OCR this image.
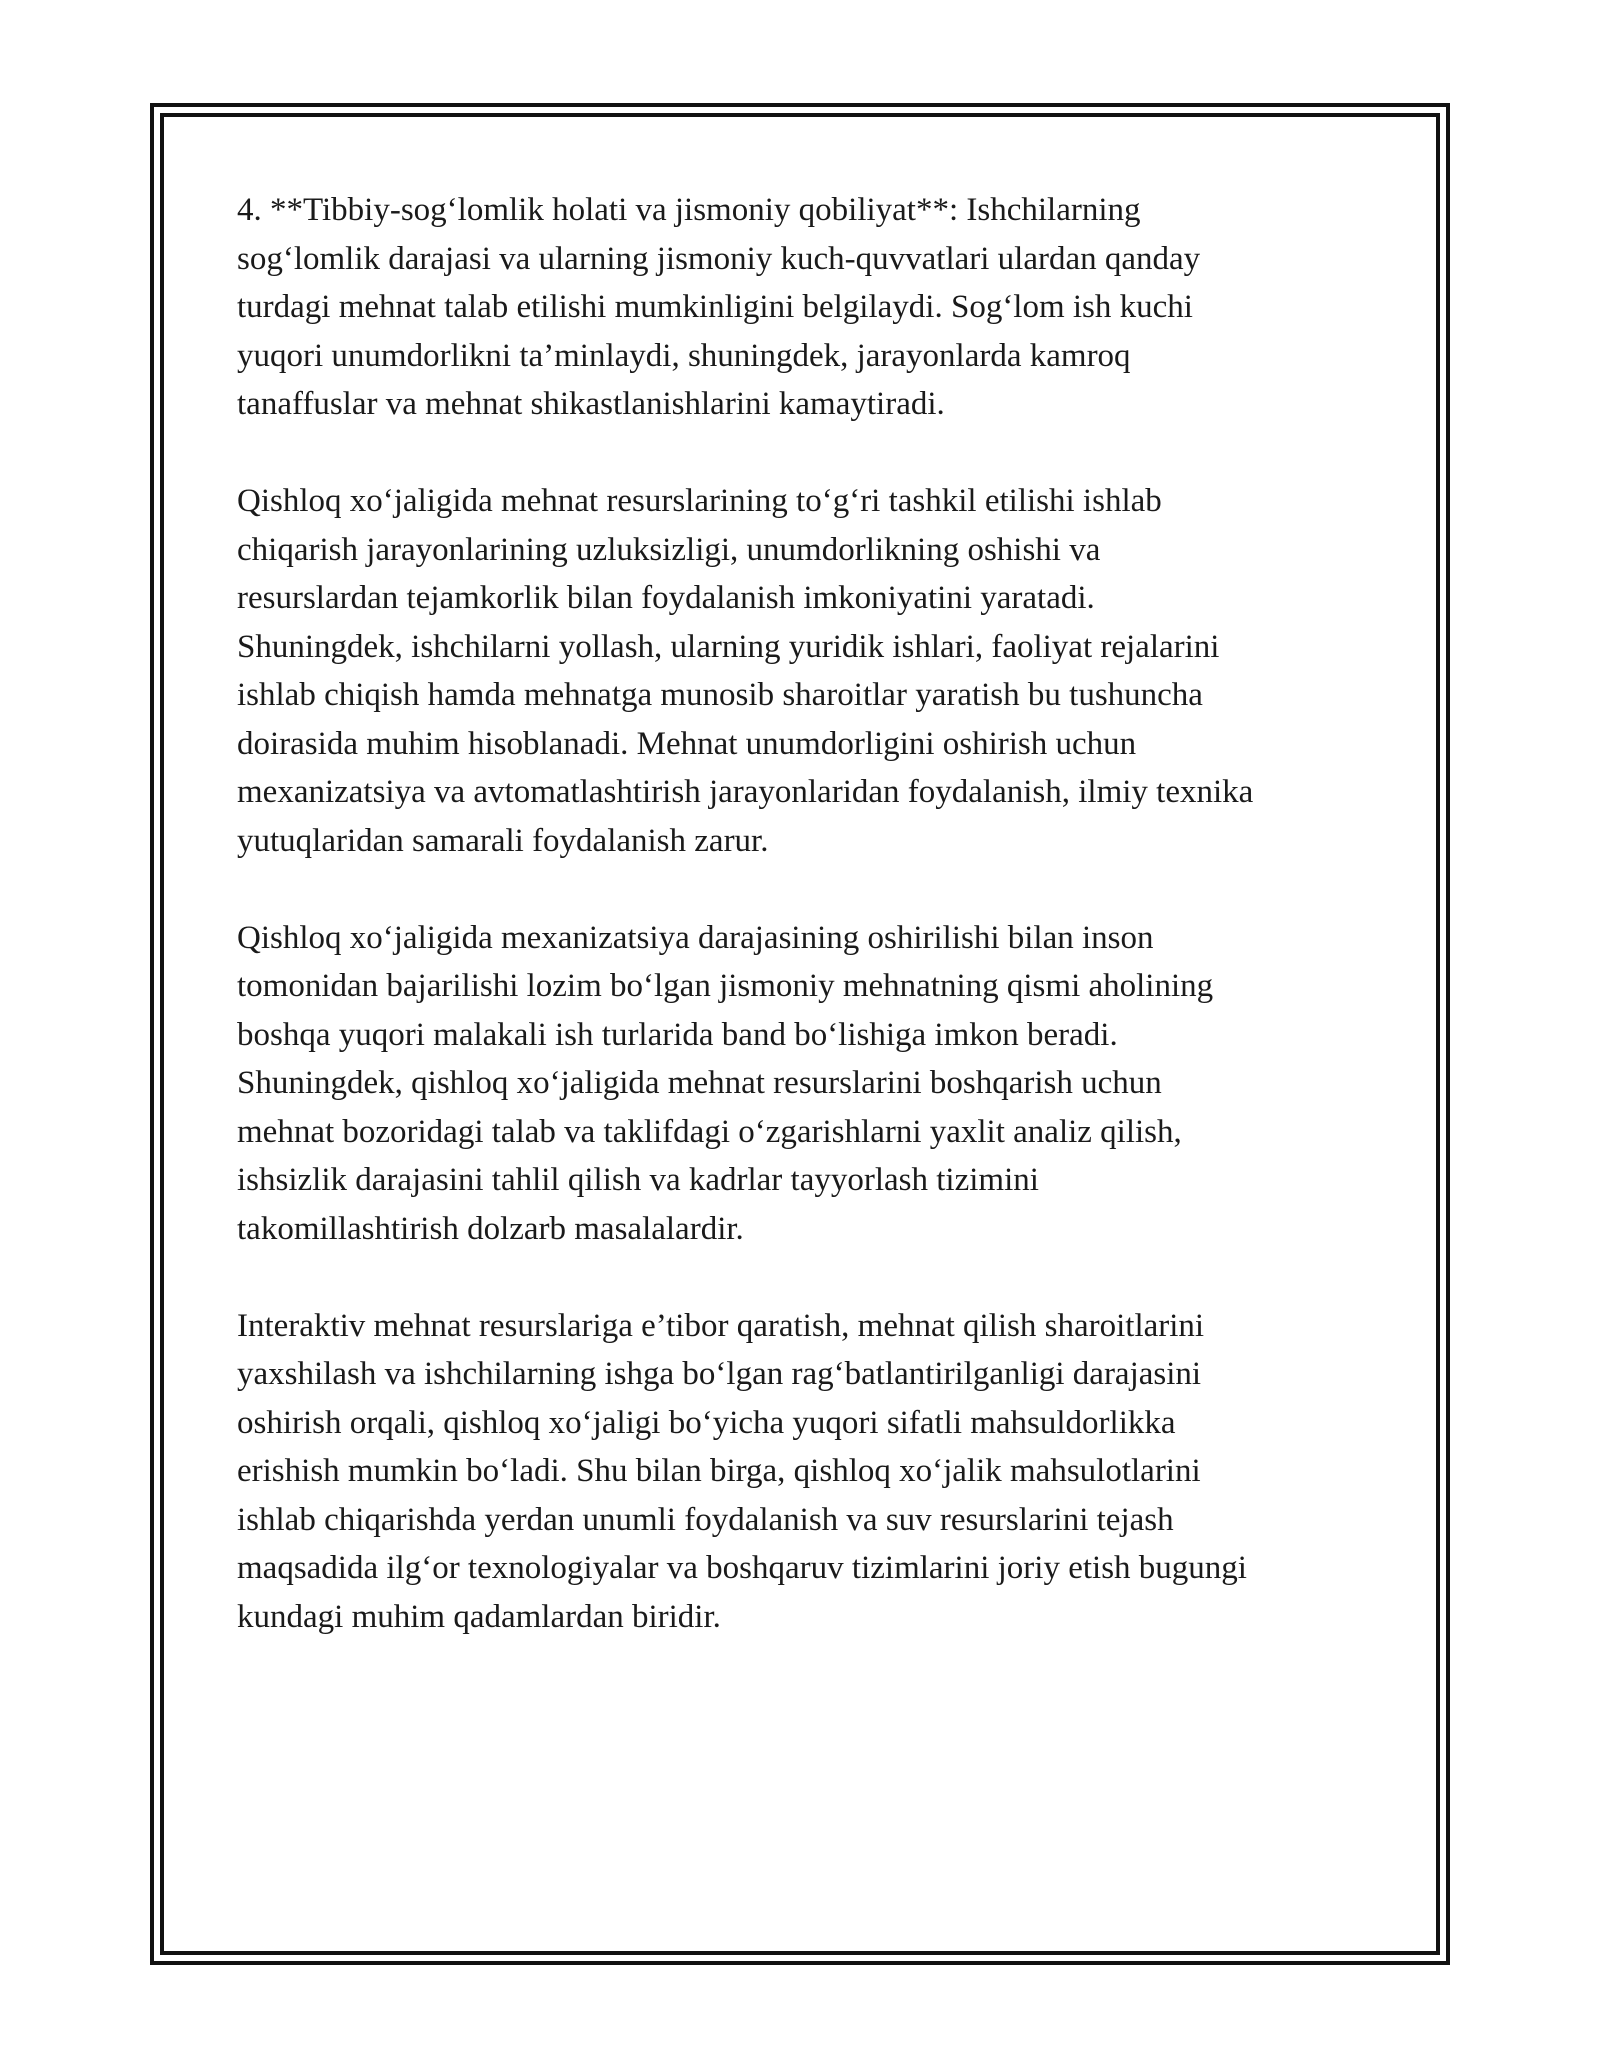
4. **Tibbiy-sog‘lomlik holati va jismoniy qobiliyat**: Ishchilarning
sog‘lomlik darajasi va ularning jismoniy kuch-quvvatlari ulardan qanday
turdagi mehnat talab etilishi mumkinligini belgilaydi. Sog‘lom ish kuchi
yuqori unumdorlikni ta’minlaydi, shuningdek, jarayonlarda kamroq
tanaffuslar va mehnat shikastlanishlarini kamaytiradi.

Qishloq xo‘jaligida mehnat resurslarining to‘g‘ri tashkil etilishi ishlab
chiqarish jarayonlarining uzluksizligi, unumdorlikning oshishi va
resurslardan tejamkorlik bilan foydalanish imkoniyatini yaratadi.
Shuningdek, ishchilarni yollash, ularning yuridik ishlari, faoliyat rejalarini
ishlab chiqish hamda mehnatga munosib sharoitlar yaratish bu tushuncha
doirasida muhim hisoblanadi. Mehnat unumdorligini oshirish uchun
mexanizatsiya va avtomatlashtirish jarayonlaridan foydalanish, ilmiy texnika
yutuqlaridan samarali foydalanish zarur.

Qishloq xo‘jaligida mexanizatsiya darajasining oshirilishi bilan inson
tomonidan bajarilishi lozim bo‘lgan jismoniy mehnatning qismi aholining
boshqa yuqori malakali ish turlarida band bo‘lishiga imkon beradi.
Shuningdek, qishloq xo‘jaligida mehnat resurslarini boshqarish uchun
mehnat bozoridagi talab va taklifdagi o‘zgarishlarni yaxlit analiz qilish,
ishsizlik darajasini tahlil qilish va kadrlar tayyorlash tizimini
takomillashtirish dolzarb masalalardir.

Interaktiv mehnat resurslariga e’tibor qaratish, mehnat qilish sharoitlarini
yaxshilash va ishchilarning ishga bo‘lgan rag‘batlantirilganligi darajasini
oshirish orqali, qishloq xo‘jaligi bo‘yicha yuqori sifatli mahsuldorlikka
erishish mumkin bo‘ladi. Shu bilan birga, qishloq xo‘jalik mahsulotlarini
ishlab chiqarishda yerdan unumli foydalanish va suv resurslarini tejash
maqsadida ilg‘or texnologiyalar va boshqaruv tizimlarini joriy etish bugungi
kundagi muhim qadamlardan biridir.
